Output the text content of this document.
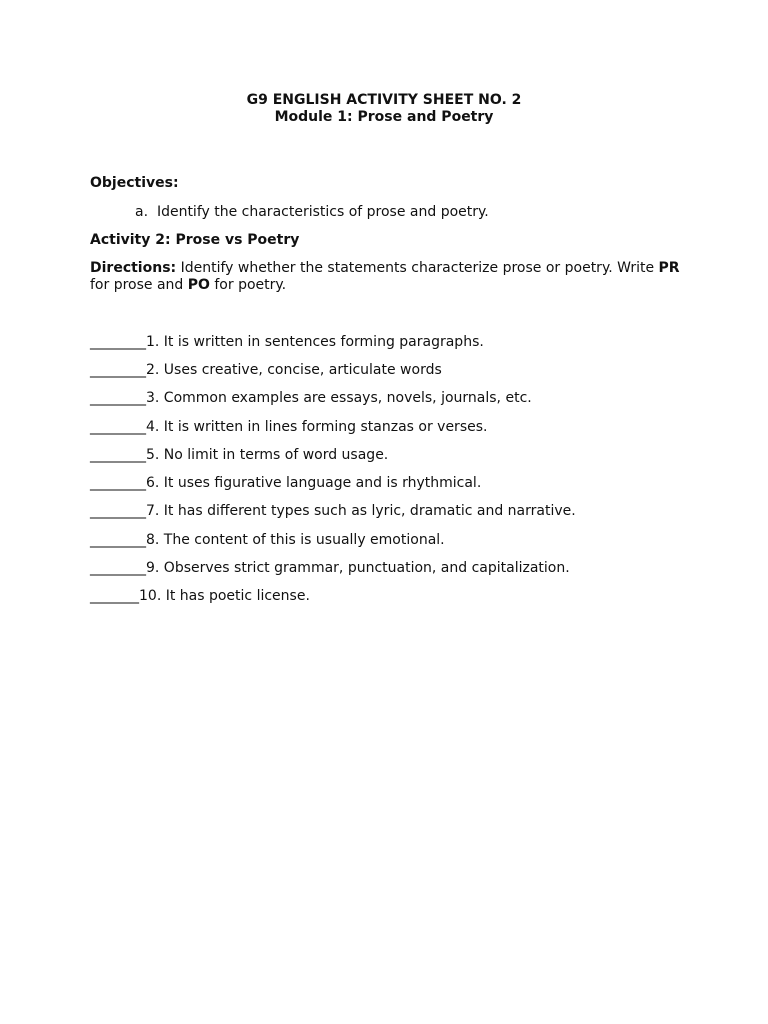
G9 ENGLISH ACTIVITY SHEET NO. 2
Module 1: Prose and Poetry
Objectives:
a. Identify the characteristics of prose and poetry.
Activity 2: Prose vs Poetry
Directions: Identify whether the statements characterize prose or poetry. Write PR
for prose and PO for poetry.
________1. It is written in sentences forming paragraphs.
________2. Uses creative, concise, articulate words
________3. Common examples are essays, novels, journals, etc.
________4. It is written in lines forming stanzas or verses.
________5. No limit in terms of word usage.
________6. It uses figurative language and is rhythmical.
________7. It has different types such as lyric, dramatic and narrative.
________8. The content of this is usually emotional.
________9. Observes strict grammar, punctuation, and capitalization.
_______10. It has poetic license.
